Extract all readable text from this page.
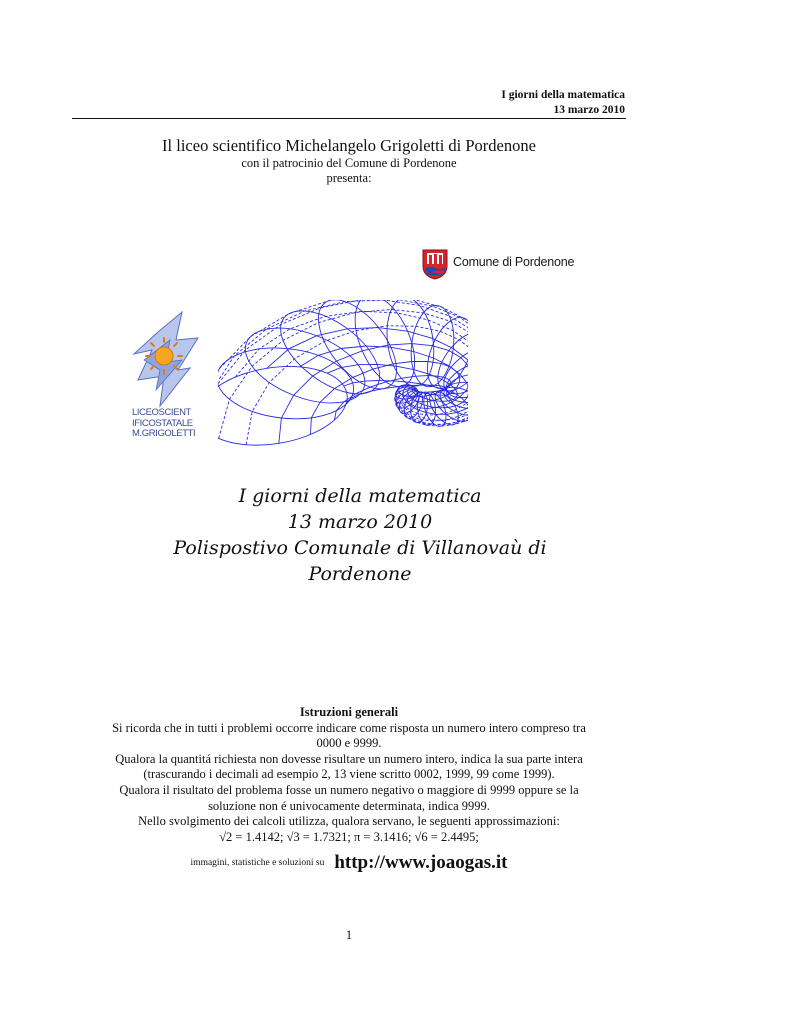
I giorni della matematica
13 marzo 2010
Il liceo scientifico Michelangelo Grigoletti di Pordenone
con il patrocinio del Comune di Pordenone
presenta:
Comune di Pordenone
LICEOSCIENT
IFICOSTATALE
M.GRIGOLETTI
I giorni della matematica
13 marzo 2010
Polispostivo Comunale di Villanovaù di
Pordenone
Istruzioni generali
Si ricorda che in tutti i problemi occorre indicare come risposta un numero intero compreso tra
0000 e 9999.
Qualora la quantitá richiesta non dovesse risultare un numero intero, indica la sua parte intera
(trascurando i decimali ad esempio 2, 13 viene scritto 0002, 1999, 99 come 1999).
Qualora il risultato del problema fosse un numero negativo o maggiore di 9999 oppure se la
soluzione non é univocamente determinata, indica 9999.
Nello svolgimento dei calcoli utilizza, qualora servano, le seguenti approssimazioni:
√2 = 1.4142; √3 = 1.7321; π = 3.1416; √6 = 2.4495;
immagini, statistiche e soluzioni su http://www.joaogas.it
1
